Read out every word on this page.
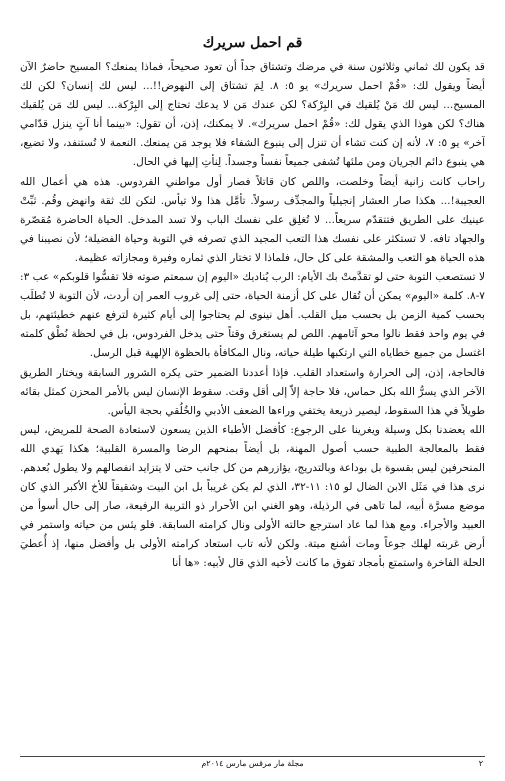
قم احمل سريرك

قد يكون لك ثماني وثلاثون سنة في مرضك وتشتاق جداً أن تعود صحيحاً، فماذا يمنعك؟ المسيح حاضرٌ الآن أيضاً ويقول لك: «قُمْ احمل سريرك» يو ٥: ٨. لِمَ تشتاق إلى النهوض!!... ليس لك إنسان؟ لكن لك المسيح... ليس لك مَنْ يُلقيك في البِرْكة؟ لكن عندك مَن لا يدعك تحتاج إلى البِرْكة... ليس لك مَن يُلقيك هناك؟ لكن هوذا الذي يقول لك: «قُمْ احمل سريرك». لا يمكنك، إذن، أن تقول: «بينما أنا آتٍ ينزل قدّامي آخر» يو ٥: ٧، لأنه إن كنت تشاء أن تنزل إلى ينبوع الشفاء فلا يوجد مَن يمنعك. النعمة لا تُستنفد، ولا تضيع، هي ينبوع دائم الجريان ومن ملئها تُشفى جميعاً نفساً وجسداً. لِنأتِ إليها في الحال.

راحاب كانت زانية أيضاً وخلصت، واللص كان قاتلاً فصار أول مواطني الفردوس. هذه هي أعمال الله العجيبة!... هكذا صار العشار إنجيلياً والمجدِّف رسولاً. تأمَّل هذا ولا تيأس. لتكن لك ثقة وانهض وقُم. ثبِّتْ عينيك على الطريق فتتقدّم سريعاً... لا تُغلِق على نفسك الباب ولا تسد المدخل. الحياة الحاضرة مُقصّرة والجهاد تافه. لا تستكثر على نفسك هذا التعب المجيد الذي تصرفه في التوبة وحياة الفضيلة؛ لأن نصيبنا في هذه الحياة هو التعب والمشقة على كل حال، فلماذا لا تختار الذي ثماره وفيرة ومجازاته عظيمة.

لا تستصعب التوبة حتى لو تقدَّمتْ بك الأيام: الرب يُناديك «اليوم إن سمعتم صوته فلا تقسُّوا قلوبكم» عب ٣: ٧-٨. كلمة «اليوم» يمكن أن تُقال على كل أزمنة الحياة، حتى إلى غروب العمر إن أردت، لأن التوبة لا تُطلَب بحسب كمية الزمن بل بحسب ميل القلب. أهل نينوى لم يحتاجوا إلى أيام كثيرة لترفع عنهم خطيئتهم، بل في يوم واحد فقط نالوا محو آثامهم. اللص لم يستغرق وقتاً حتى يدخل الفردوس، بل في لحظة نُطْق كلمته اغتسل من جميع خطاياه التي ارتكبها طيلة حياته، ونال المكافأة بالحظوة الإلهية قبل الرسل.

فالحاجة، إذن، إلى الحرارة واستعداد القلب. فإذا أعددنا الضمير حتى يكره الشرور السابقة ويختار الطريق الآخر الذي يسرُّ الله بكل حماس، فلا حاجة إلاّ إلى أقل وقت. سقوط الإنسان ليس بالأمر المحزن كمثل بقائه طويلاً في هذا السقوط، ليصير ذريعة يختفي وراءها الضعف الأدبي والخُلُقي بحجة اليأس.

الله يعضدنا بكل وسيلة ويغرينا على الرجوع: كأفضل الأطباء الذين يسعون لاستعادة الصحة للمريض، ليس فقط بالمعالجة الطبية حسب أصول المهنة، بل أيضاً بمنحهم الرضا والمسرة القلبية؛ هكذا يَهدي الله المنحرفين ليس بقسوة بل بوداعة وبالتدريج، يؤازرهم من كل جانب حتى لا يتزايد انفصالهم ولا يطول بُعدهم. نرى هذا في مَثَل الابن الضال لو ١٥: ١١-٣٢، الذي لم يكن غريباً بل ابن البيت وشقيقاً للأخ الأكبر الذي كان موضع مسرَّة أبيه، لما تاهى في الرذيلة، وهو الغني ابن الأحرار ذو التربية الرفيعة، صار إلى حال أسوأ من العبيد والأجراء. ومع هذا لما عاد استرجع حالته الأولى ونال كرامته السابقة. فلو يئس من حياته واستمر في أرض غربته لهلك جوعاً ومات أشنع ميتة. ولكن لأنه تاب استعاد كرامته الأولى بل وأفضل منها، إذ أُعطيَ الحلة الفاخرة واستمتع بأمجاد تفوق ما كانت لأخيه الذي قال لأبيه: «ها أنا

٢
مجلة مار مرقس مارس ٢٠١٤م
